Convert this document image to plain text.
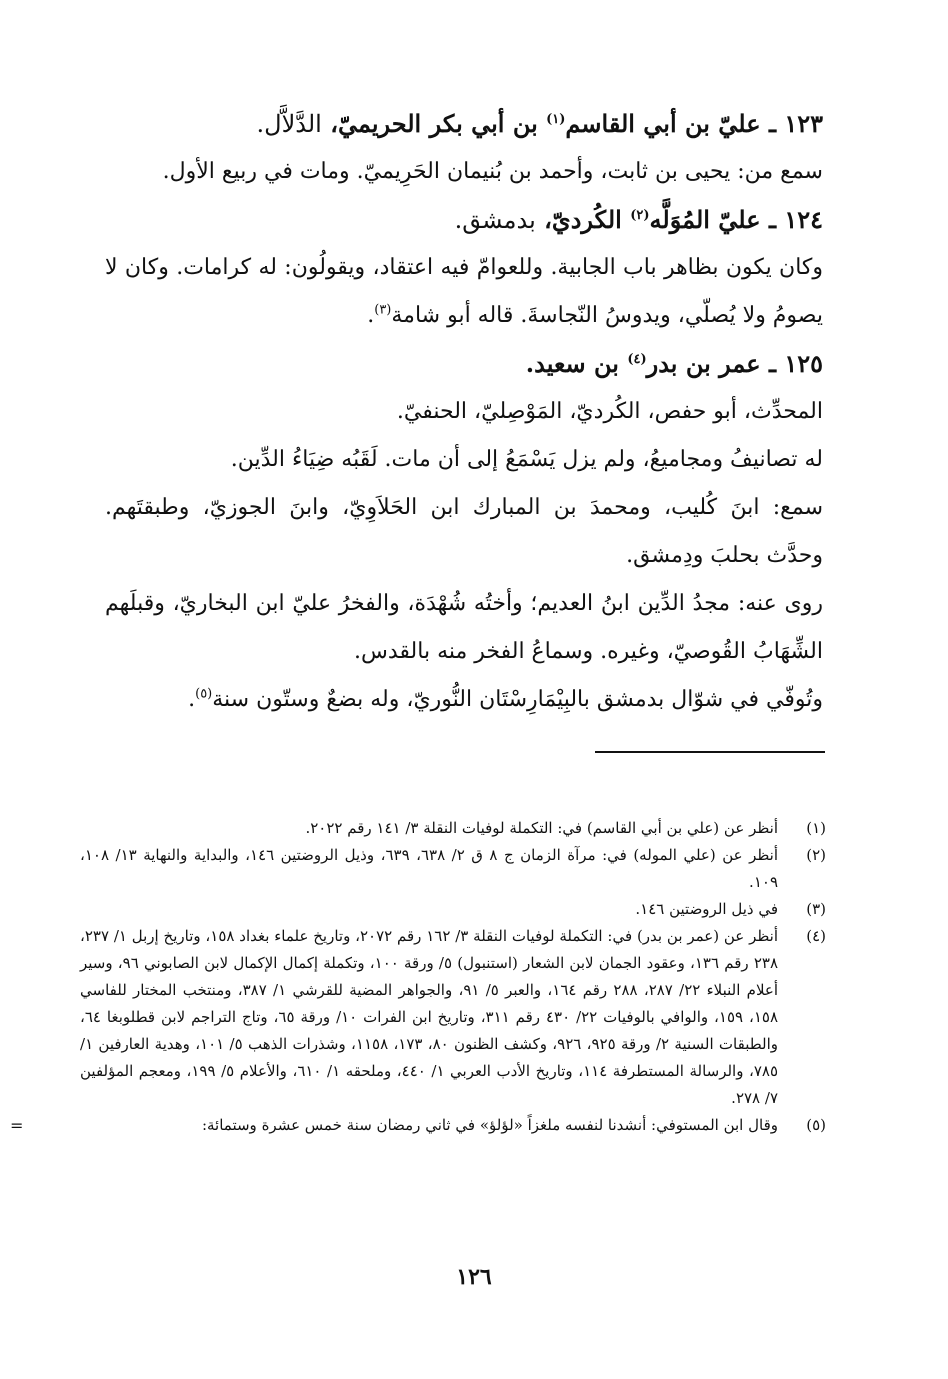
١٢٣ ـ عليّ بن أبي القاسم$^{(١)}$ بن أبي بكر الحريميّ، الدَّلاَّل.

سمع من: يحيى بن ثابت، وأحمد بن بُنيمان الحَرِيميّ. ومات في ربيع الأول.

١٢٤ ـ عليّ المُوَلَّه$^{(٢)}$ الكُرديّ، بدمشق.

وكان يكون بظاهر باب الجابية. وللعوامّ فيه اعتقاد، ويقولُون: له كرامات. وكان لا يصومُ ولا يُصلّي، ويدوسُ النّجاسةَ. قاله أبو شامة$^{(٣)}$.

١٢٥ ـ عمر بن بدر$^{(٤)}$ بن سعيد.

المحدِّث، أبو حفص، الكُرديّ، المَوْصِليّ، الحنفيّ.

له تصانيفُ ومجاميعُ، ولم يزل يَسْمَعُ إلى أن مات. لَقَبُه ضِيَاءُ الدِّين.

سمع: ابنَ كُليب، ومحمدَ بن المبارك ابن الحَلاَوِيّ، وابنَ الجوزيّ، وطبقتَهم. وحدَّث بحلبَ ودِمشق.

روى عنه: مجدُ الدِّين ابنُ العديم؛ وأختُه شُهْدَة، والفخرُ عليّ ابن البخاريّ، وقبلَهم الشِّهَابُ القُوصيّ، وغيره. وسماعُ الفخر منه بالقدس.

وتُوفّي في شوّال بدمشق بالبِيْمَارِسْتَان النُّوريّ، وله بضعٌ وستّون سنة$^{(٥)}$.

(١)
أنظر عن (علي بن أبي القاسم) في: التكملة لوفيات النقلة ٣/ ١٤١ رقم ٢٠٢٢.
(٢)
أنظر عن (علي الموله) في: مرآة الزمان ج ٨ ق ٢/ ٦٣٨، ٦٣٩، وذيل الروضتين ١٤٦، والبداية والنهاية ١٣/ ١٠٨، ١٠٩.
(٣)
في ذيل الروضتين ١٤٦.
(٤)
أنظر عن (عمر بن بدر) في: التكملة لوفيات النقلة ٣/ ١٦٢ رقم ٢٠٧٢، وتاريخ علماء بغداد ١٥٨، وتاريخ إربل ١/ ٢٣٧، ٢٣٨ رقم ١٣٦، وعقود الجمان لابن الشعار (استنبول) ٥/ ورقة ١٠٠، وتكملة إكمال الإكمال لابن الصابوني ٩٦، وسير أعلام النبلاء ٢٢/ ٢٨٧، ٢٨٨ رقم ١٦٤، والعبر ٥/ ٩١، والجواهر المضية للقرشي ١/ ٣٨٧، ومنتخب المختار للفاسي ١٥٨، ١٥٩، والوافي بالوفيات ٢٢/ ٤٣٠ رقم ٣١١، وتاريخ ابن الفرات ١٠/ ورقة ٦٥، وتاج التراجم لابن قطلوبغا ٦٤، والطبقات السنية ٢/ ورقة ٩٢٥، ٩٢٦، وكشف الظنون ٨٠، ١٧٣، ١١٥٨، وشذرات الذهب ٥/ ١٠١، وهدية العارفين ١/ ٧٨٥، والرسالة المستطرفة ١١٤، وتاريخ الأدب العربي ١/ ٤٤٠، وملحقه ١/ ٦١٠، والأعلام ٥/ ١٩٩، ومعجم المؤلفين ٧/ ٢٧٨.
(٥)
وقال ابن المستوفي: أنشدنا لنفسه ملغزاً «لؤلؤ» في ثاني رمضان سنة خمس عشرة وستمائة:
=
١٢٦
